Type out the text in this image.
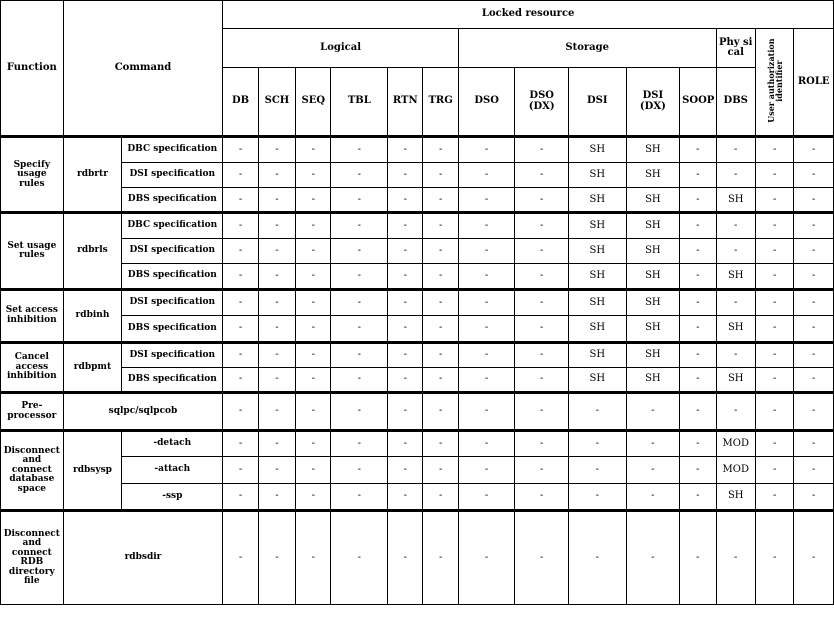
Function	Command		Locked resource													
			Logical						Storage					Phy si cal	User authorization identifier	ROLE
			DB	SCH	SEQ	TBL	RTN	TRG	DSO	DSO (DX)	DSI	DSI (DX)	SOOP	DBS		
Specify usage rules	rdbrtr	DBC specification	-	-	-	-	-	-	-	-	SH	SH	-	-	-	-
		DSI specification	-	-	-	-	-	-	-	-	SH	SH	-	-	-	-
		DBS specification	-	-	-	-	-	-	-	-	SH	SH	-	SH	-	-
Set usage rules	rdbrls	DBC specification	-	-	-	-	-	-	-	-	SH	SH	-	-	-	-
		DSI specification	-	-	-	-	-	-	-	-	SH	SH	-	-	-	-
		DBS specification	-	-	-	-	-	-	-	-	SH	SH	-	SH	-	-
Set access inhibition	rdbinh	DSI specification	-	-	-	-	-	-	-	-	SH	SH	-	-	-	-
		DBS specification	-	-	-	-	-	-	-	-	SH	SH	-	SH	-	-
Cancel access inhibition	rdbpmt	DSI specification	-	-	-	-	-	-	-	-	SH	SH	-	-	-	-
		DBS specification	-	-	-	-	-	-	-	-	SH	SH	-	SH	-	-
Pre-processor	sqlpc/sqlpcob		-	-	-	-	-	-	-	-	-	-	-	-	-	-
Disconnect and connect database space	rdbsysp	-detach	-	-	-	-	-	-	-	-	-	-	-	MOD	-	-
		-attach	-	-	-	-	-	-	-	-	-	-	-	MOD	-	-
		-ssp	-	-	-	-	-	-	-	-	-	-	-	SH	-	-
Disconnect and connect RDB directory file	rdbsdir		-	-	-	-	-	-	-	-	-	-	-	-	-	-
